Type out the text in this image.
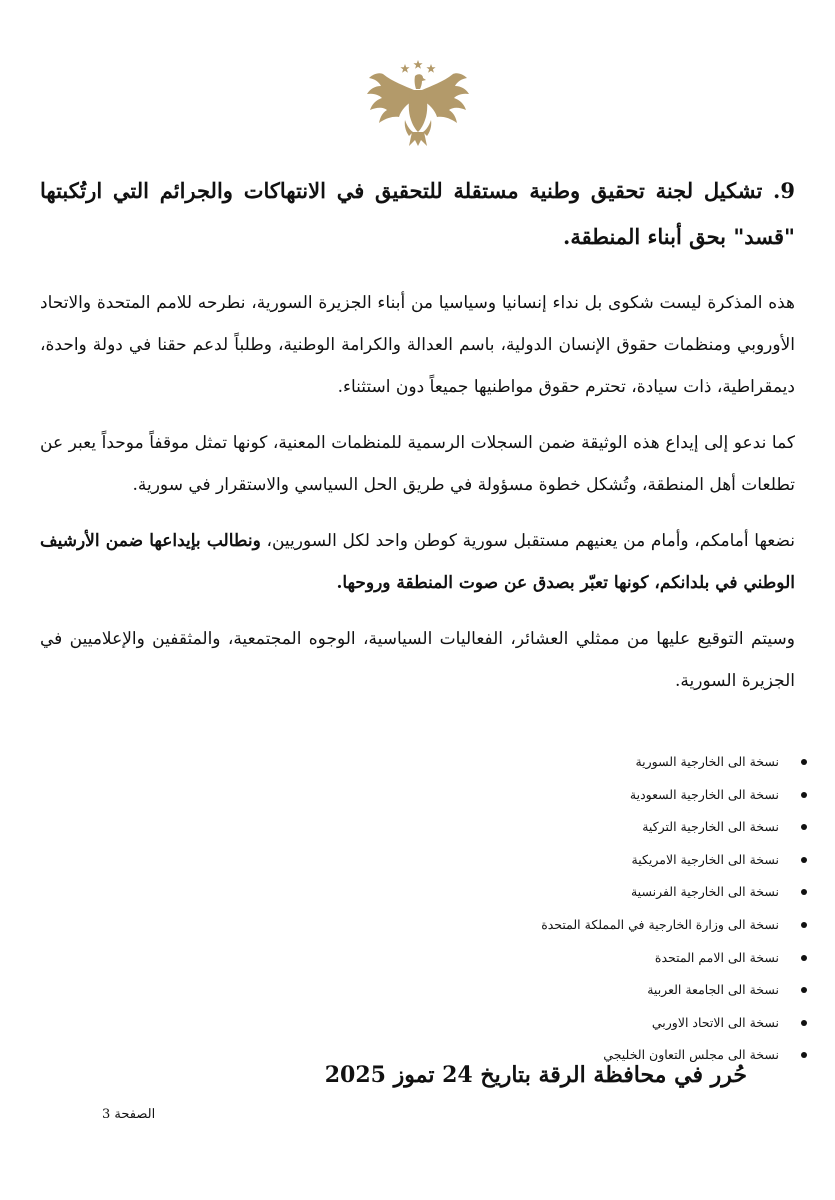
9. تشكيل لجنة تحقيق وطنية مستقلة للتحقيق في الانتهاكات والجرائم التي ارتُكبتها "قسد" بحق أبناء المنطقة.

هذه المذكرة ليست شكوى بل نداء إنسانيا وسياسيا من أبناء الجزيرة السورية، نطرحه للامم المتحدة والاتحاد الأوروبي ومنظمات حقوق الإنسان الدولية، باسم العدالة والكرامة الوطنية، وطلباً لدعم حقنا في دولة واحدة، ديمقراطية، ذات سيادة، تحترم حقوق مواطنيها جميعاً دون استثناء.

كما ندعو إلى إيداع هذه الوثيقة ضمن السجلات الرسمية للمنظمات المعنية، كونها تمثل موقفاً موحداً يعبر عن تطلعات أهل المنطقة، وتُشكل خطوة مسؤولة في طريق الحل السياسي والاستقرار في سورية.

نضعها أمامكم، وأمام من يعنيهم مستقبل سورية كوطن واحد لكل السوريين، ونطالب بإيداعها ضمن الأرشيف الوطني في بلدانكم، كونها تعبّر بصدق عن صوت المنطقة وروحها.

وسيتم التوقيع عليها من ممثلي العشائر، الفعاليات السياسية، الوجوه المجتمعية، والمثقفين والإعلاميين في الجزيرة السورية.

نسخة الى الخارجية السورية
نسخة الى الخارجية السعودية
نسخة الى الخارجية التركية
نسخة الى الخارجية الامريكية
نسخة الى الخارجية الفرنسية
نسخة الى وزارة الخارجية في المملكة المتحدة
نسخة الى الامم المتحدة
نسخة الى الجامعة العربية
نسخة الى الاتحاد الاوربي
نسخة الى مجلس التعاون الخليجي
حُرر في محافظة الرقة بتاريخ 24 تموز 2025
الصفحة 3
